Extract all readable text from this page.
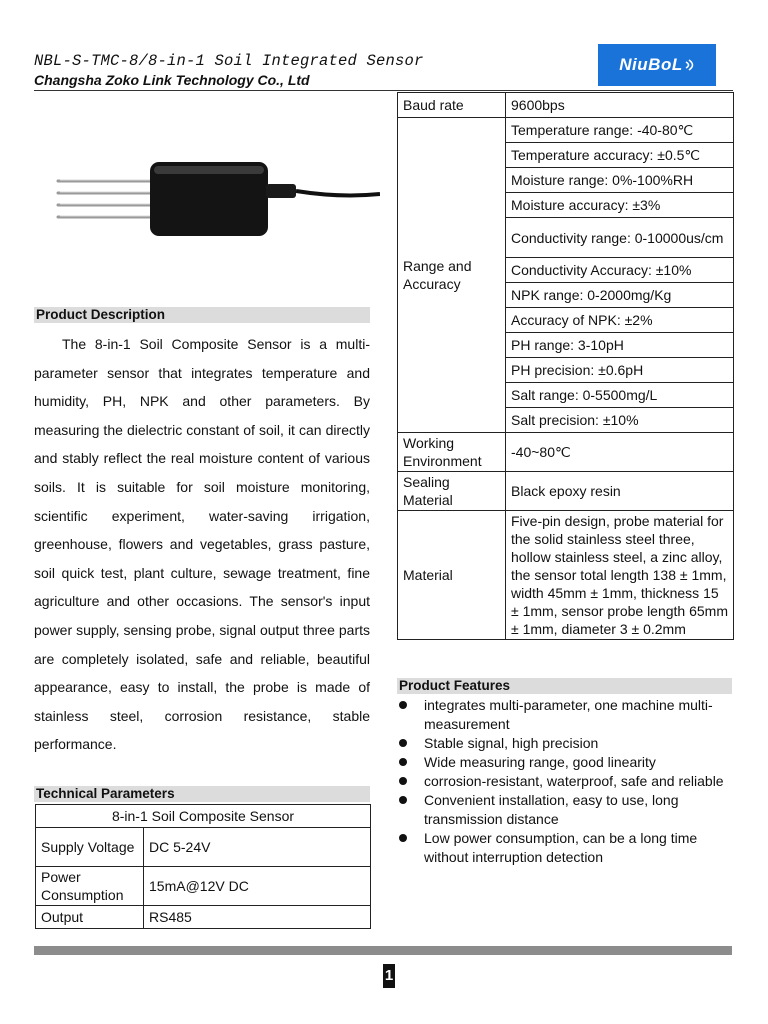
NBL-S-TMC-8/8-in-1 Soil Integrated Sensor
Changsha Zoko Link Technology Co., Ltd
NiuBoL
Product Description
The 8-in-1 Soil Composite Sensor is a multi-parameter sensor that integrates temperature and humidity, PH, NPK and other parameters. By measuring the dielectric constant of soil, it can directly and stably reflect the real moisture content of various soils. It is suitable for soil moisture monitoring, scientific experiment, water-saving irrigation, greenhouse, flowers and vegetables, grass pasture, soil quick test, plant culture, sewage treatment, fine agriculture and other occasions. The sensor's input power supply, sensing probe, signal output three parts are completely isolated, safe and reliable, beautiful appearance, easy to install, the probe is made of stainless steel, corrosion resistance, stable performance.
Technical Parameters
8-in-1 Soil Composite Sensor	
Supply Voltage	DC 5-24V
Power Consumption	15mA@12V DC
Output	RS485
Baud rate	9600bps
Range and Accuracy	Temperature range: -40-80℃
	Temperature accuracy: ±0.5℃
	Moisture range: 0%-100%RH
	Moisture accuracy: ±3%
	Conductivity range: 0-10000us/cm
	Conductivity Accuracy: ±10%
	NPK range: 0-2000mg/Kg
	Accuracy of NPK: ±2%
	PH range: 3-10pH
	PH precision: ±0.6pH
	Salt range: 0-5500mg/L
	Salt precision: ±10%
Working Environment	-40~80℃
Sealing Material	Black epoxy resin
Material	Five-pin design, probe material for the solid stainless steel three, hollow stainless steel, a zinc alloy, the sensor total length 138 ± 1mm, width 45mm ± 1mm, thickness 15 ± 1mm, sensor probe length 65mm ± 1mm, diameter 3 ± 0.2mm
Product Features
integrates multi-parameter, one machine multi-measurement
Stable signal, high precision
Wide measuring range, good linearity
corrosion-resistant, waterproof, safe and reliable
Convenient installation, easy to use, long transmission distance
Low power consumption, can be a long time without interruption detection
1
